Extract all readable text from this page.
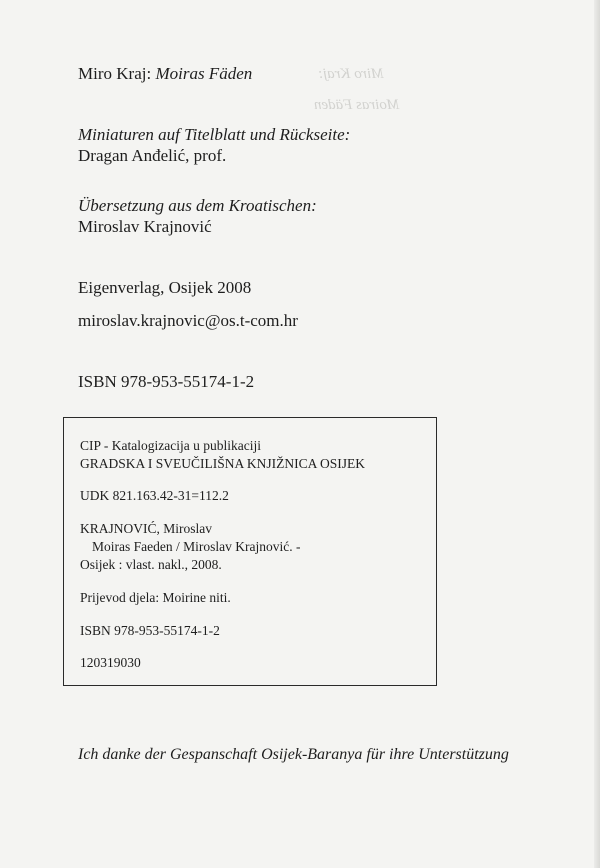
Miro Kraj:
Moiras Fäden
Miro Kraj: Moiras Fäden
Miniaturen auf Titelblatt und Rückseite:
Dragan Anđelić, prof.
Übersetzung aus dem Kroatischen:
Miroslav Krajnović
Eigenverlag, Osijek 2008
miroslav.krajnovic@os.t-com.hr
ISBN 978-953-55174-1-2
CIP - Katalogizacija u publikaciji
GRADSKA I SVEUČILIŠNA KNJIŽNICA OSIJEK
UDK 821.163.42-31=112.2
KRAJNOVIĆ, Miroslav
Moiras Faeden / Miroslav Krajnović. -
Osijek : vlast. nakl., 2008.
Prijevod djela: Moirine niti.
ISBN 978-953-55174-1-2
120319030
Ich danke der Gespanschaft Osijek-Baranya für ihre Unterstützung
